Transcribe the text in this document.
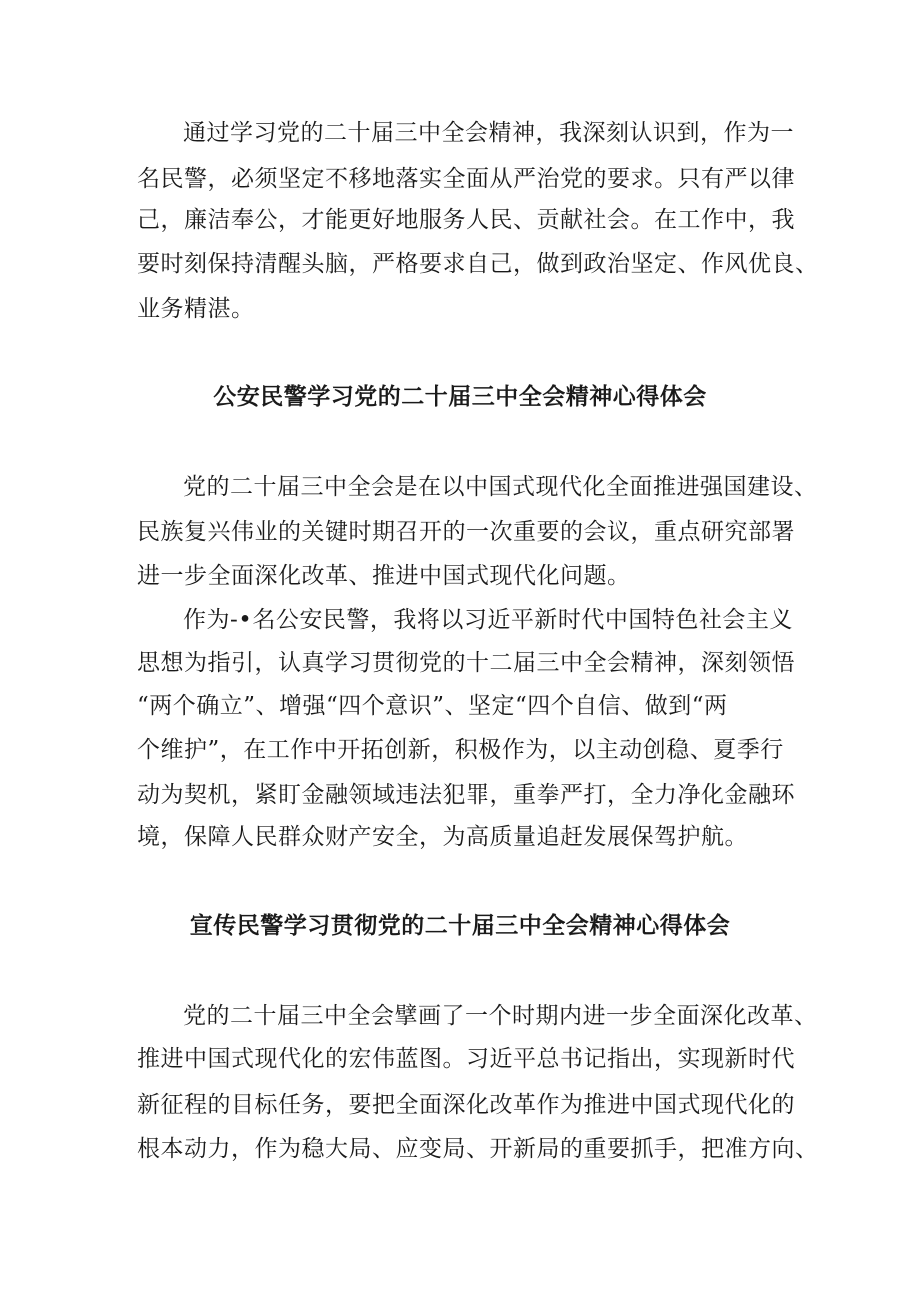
通过学习党的二十届三中全会精神，我深刻认识到，作为一
名民警，必须坚定不移地落实全面从严治党的要求。只有严以律
己，廉洁奉公，才能更好地服务人民、贡献社会。在工作中，我
要时刻保持清醒头脑，严格要求自己，做到政治坚定、作风优良、
业务精湛。
公安民警学习党的二十届三中全会精神心得体会
党的二十届三中全会是在以中国式现代化全面推进强国建设、
民族复兴伟业的关键时期召开的一次重要的会议，重点研究部署
进一步全面深化改革、推进中国式现代化问题。
作为-•名公安民警，我将以习近平新时代中国特色社会主义
思想为指引，认真学习贯彻党的十二届三中全会精神，深刻领悟
“两个确立”、增强“四个意识”、坚定“四个自信、做到“两
个维护”，在工作中开拓创新，积极作为，以主动创稳、夏季行
动为契机，紧盯金融领域违法犯罪，重拳严打，全力净化金融环
境，保障人民群众财产安全，为高质量追赶发展保驾护航。
宣传民警学习贯彻党的二十届三中全会精神心得体会
党的二十届三中全会擘画了一个时期内进一步全面深化改革、
推进中国式现代化的宏伟蓝图。习近平总书记指出，实现新时代
新征程的目标任务，要把全面深化改革作为推进中国式现代化的
根本动力，作为稳大局、应变局、开新局的重要抓手，把准方向、
